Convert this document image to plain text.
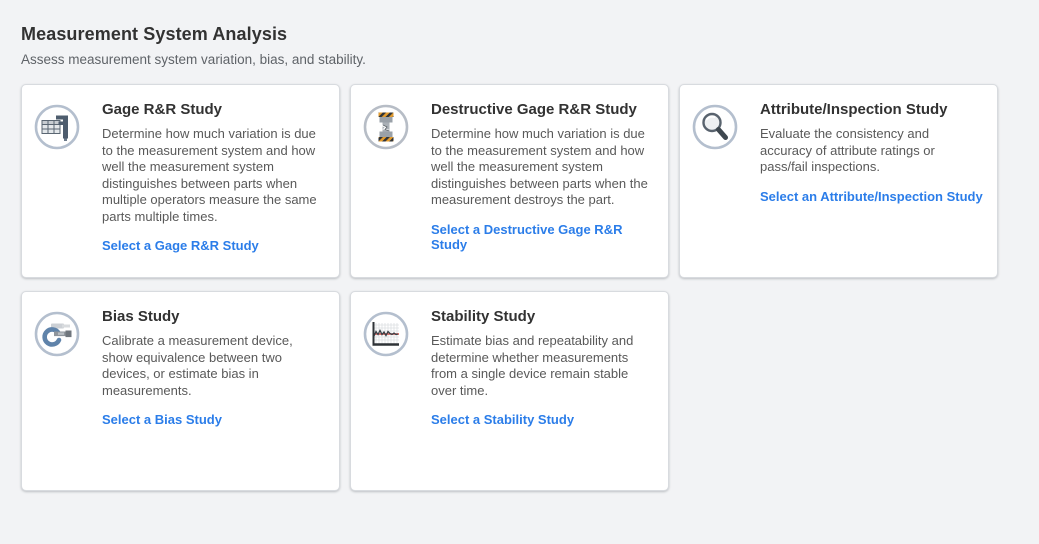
Measurement System Analysis
Assess measurement system variation, bias, and stability.
Gage R&R Study
Determine how much variation is due to the measurement system and how well the measurement system distinguishes between parts when multiple operators measure the same parts multiple times.
Select a Gage R&R Study
Destructive Gage R&R Study
Determine how much variation is due to the measurement system and how well the measurement system distinguishes between parts when the measurement destroys the part.
Select a Destructive Gage R&R Study
Attribute/Inspection Study
Evaluate the consistency and accuracy of attribute ratings or pass/fail inspections.
Select an Attribute/Inspection Study
Bias Study
Calibrate a measurement device, show equivalence between two devices, or estimate bias in measurements.
Select a Bias Study
Stability Study
Estimate bias and repeatability and determine whether measurements from a single device remain stable over time.
Select a Stability Study
